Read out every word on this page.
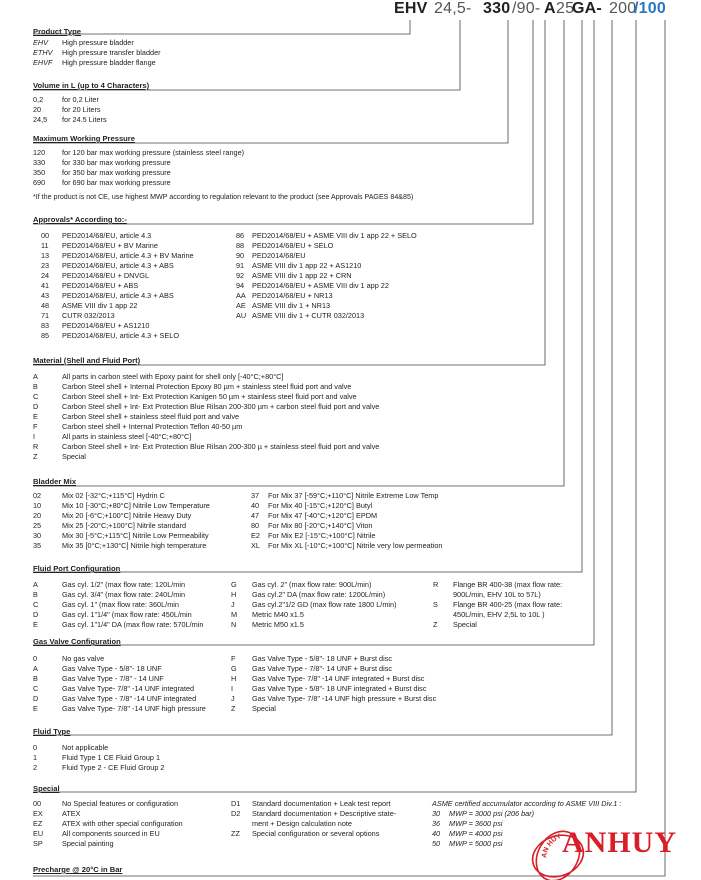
EHV 24,5- 330 /90- A25GA- 200/100
Product Type
EHV High pressure bladder
ETHV High pressure transfer bladder
EHVF High pressure bladder flange
Volume in L (up to 4 Characters)
0,2	for 0,2 Liter
20	for 20 Liters
24,5 for 24.5 Liters
Maximum Working Pressure
120 for 120 bar max working pressure (stainless steel range)
330 for 330 bar max working pressure
350 for 350 bar max working pressure
690 for 690 bar max working pressure
*If the product is not CE, use highest MWP according to regulation relevant to the product (see Approvals PAGES 84&85)
Approvals* According to:-
00 PED2014/68/EU, article 4.3	86 PED2014/68/EU + ASME VIII div 1 app 22 + SELO
11 PED2014/68/EU + BV Marine	88 PED2014/68/EU + SELO
13 PED2014/68/EU, article 4.3 + BV Marine	90 PED2014/68/EU
23 PED2014/68/EU, article 4.3 + ABS	91 ASME VIII div 1 app 22 + AS1210
24 PED2014/68/EU + DNVGL	92 ASME VIII div 1 app 22 + CRN
41 PED2014/68/EU + ABS	94 PED2014/68/EU + ASME VIII div 1 app 22
43 PED2014/68/EU, article 4.3 + ABS	AA PED2014/68/EU + NR13
48 ASME VIII div 1 app 22	AE ASME VIII div 1 + NR13
71 CUTR 032/2013	AU ASME VIII div 1 + CUTR 032/2013
83 PED2014/68/EU + AS1210
85 PED2014/68/EU, article 4.3 + SELO
Material (Shell and Fluid Port)
A	All parts in carbon steel with Epoxy paint for shell only [-40°C;+80°C]
B	Carbon Steel shell + Internal Protection Epoxy 80 µm + stainless steel fluid port and valve
C	Carbon Steel shell + Int- Ext Protection Kanigen 50 µm + stainless steel fluid port and valve
D	Carbon Steel shell + Int- Ext Protection Blue Rilsan 200-300 µm + carbon steel fluid port and valve
E	Carbon Steel shell + stainless steel fluid port and valve
F	Carbon steel shell + Internal Protection Teflon 40-50 µm
I	All parts in stainless steel [-40°C;+80°C]
R	Carbon Steel shell + Int- Ext Protection Blue Rilsan 200-300 µ + stainless steel fluid port and valve
Z	Special
Bladder Mix
02	Mix 02 [-32°C;+115°C] Hydrin C	37 For Mix 37 [-59°C;+110°C] Nitrile Extreme Low Temp
10	Mix 10 [-30°C;+80°C] Nitrile Low Temperature	40 For Mix 40 [-15°C;+120°C] Butyl
20	Mix 20 [-6°C;+100°C] Nitrile Heavy Duty	47 For Mix 47 [-40°C;+120°C] EPDM
25	Mix 25 [-20°C;+100°C] Nitrile standard	80 For Mix 80 [-20°C;+140°C] Viton
30	Mix 30 [-5°C;+115°C] Nitrile Low Permeability	E2 For Mix E2 [-15°C;+100°C] Nitrile
35	Mix 35 [0°C;+130°C] Nitrile high temperature	XL For Mix XL [-10°C;+100°C] Nitrile very low permeation
Fluid Port Configuration
A	Gas cyl. 1/2" (max flow rate: 120L/min	G Gas cyl. 2" (max flow rate: 900L/min)	R Flange BR 400-38 (max flow rate:
B	Gas cyl. 3/4" (max flow rate: 240L/min	H Gas cyl.2" DA (max flow rate: 1200L/min)	900L/min, EHV 10L to 57L)
C	Gas cyl. 1" (max flow rate: 360L/min	J Gas cyl.2"1/2 GD (max flow rate 1800 L/min)	S Flange BR 400-25 (max flow rate:
D	Gas cyl. 1"1/4" (max flow rate: 450L/min	M Metric M40 x1.5	450L/min, EHV 2,5L to 10L )
E	Gas cyl. 1"1/4" DA (max flow rate: 570L/min	N Metric M50 x1.5	Z Special
Gas Valve Configuration
0	No gas valve	F Gas Valve Type - 5/8"- 18 UNF + Burst disc
A	Gas Valve Type - 5/8"- 18 UNF	G Gas Valve Type - 7/8"- 14 UNF + Burst disc
B	Gas Valve Type - 7/8" - 14 UNF	H Gas Valve Type- 7/8" -14 UNF integrated + Burst disc
C	Gas Valve Type- 7/8" -14 UNF integrated	I	Gas Valve Type - 5/8"- 18 UNF integrated + Burst disc
D	Gas Valve Type - 7/8" -14 UNF integrated	J Gas Valve Type- 7/8" -14 UNF high pressure + Burst disc
E	Gas Valve Type- 7/8" -14 UNF high pressure	Z Special
Fluid Type
0	Not applicable
1	Fluid Type 1 CE Fluid Group 1
2	Fluid Type 2 - CE Fluid Group 2
Special
00	No Special features or configuration	D1 Standard documentation + Leak test report	ASME certified accumulator according to ASME VIII Div.1 :
EX	ATEX	D2 Standard documentation + Descriptive state-	30 MWP = 3000 psi (206 bar)
EZ	ATEX with other special configuration	ment + Design calculation note	36 MWP = 3600 psi
EU	All components sourced in EU	ZZ Special configuration or several options	40 MWP = 4000 psi
SP	Special painting	50 MWP = 5000 psi
Precharge @ 20°C in Bar
AN HUY ANHUY
